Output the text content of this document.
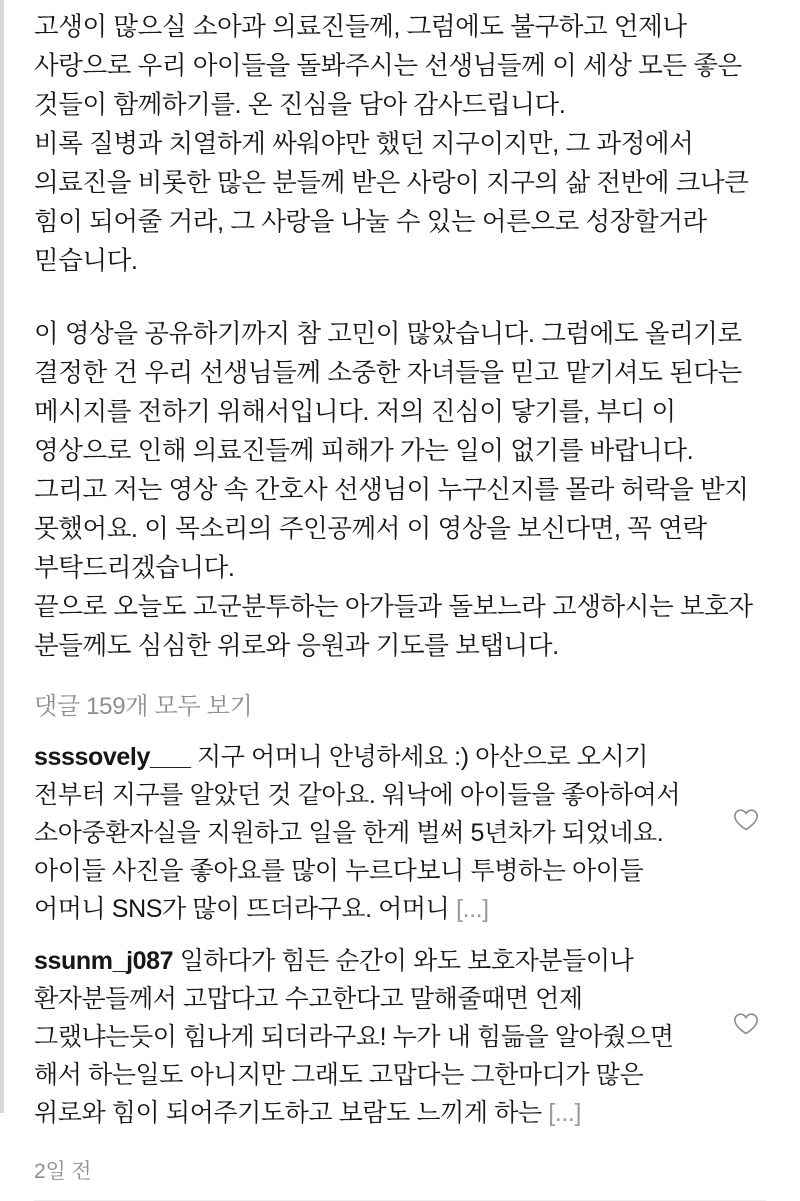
고생이 많으실 소아과 의료진들께, 그럼에도 불구하고 언제나 사랑으로 우리 아이들을 돌봐주시는 선생님들께 이 세상 모든 좋은 것들이 함께하기를. 온 진심을 담아 감사드립니다.

비록 질병과 치열하게 싸워야만 했던 지구이지만, 그 과정에서 의료진을 비롯한 많은 분들께 받은 사랑이 지구의 삶 전반에 크나큰 힘이 되어줄 거라, 그 사랑을 나눌 수 있는 어른으로 성장할거라 믿습니다.

이 영상을 공유하기까지 참 고민이 많았습니다. 그럼에도 올리기로 결정한 건 우리 선생님들께 소중한 자녀들을 믿고 맡기셔도 된다는 메시지를 전하기 위해서입니다. 저의 진심이 닿기를, 부디 이 영상으로 인해 의료진들께 피해가 가는 일이 없기를 바랍니다.

그리고 저는 영상 속 간호사 선생님이 누구신지를 몰라 허락을 받지 못했어요. 이 목소리의 주인공께서 이 영상을 보신다면, 꼭 연락 부탁드리겠습니다.

끝으로 오늘도 고군분투하는 아가들과 돌보느라 고생하시는 보호자 분들께도 심심한 위로와 응원과 기도를 보탭니다.

댓글 159개 모두 보기
ssssovely___ 지구 어머니 안녕하세요 :) 아산으로 오시기 전부터 지구를 알았던 것 같아요. 워낙에 아이들을 좋아하여서 소아중환자실을 지원하고 일을 한게 벌써 5년차가 되었네요. 아이들 사진을 좋아요를 많이 누르다보니 투병하는 아이들 어머니 SNS가 많이 뜨더라구요. 어머니 [...]
ssunm_j087 일하다가 힘든 순간이 와도 보호자분들이나 환자분들께서 고맙다고 수고한다고 말해줄때면 언제 그랬냐는듯이 힘나게 되더라구요! 누가 내 힘듦을 알아줬으면 해서 하는일도 아니지만 그래도 고맙다는 그한마디가 많은 위로와 힘이 되어주기도하고 보람도 느끼게 하는 [...]
2일 전
